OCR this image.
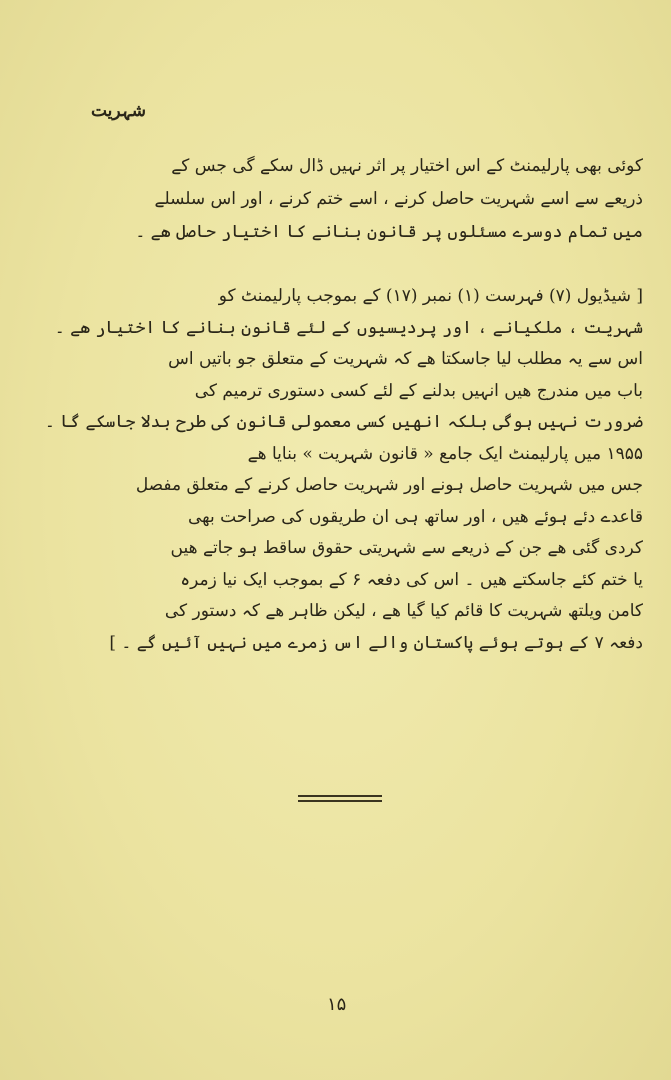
شہریت
کوئی بھی پارلیمنٹ کے اس اختیار پر اثر نہیں ڈال سکے گی جس کے
ذریعے سے اسے شہریت حاصل کرنے ، اسے ختم کرنے ، اور اس سلسلے
میں تمام دوسرے مسئلوں پر قانون بنانے کا اختیار حاصل ھے ۔
[ شیڈیول (۷) فہرست (۱) نمبر (۱۷) کے بموجب پارلیمنٹ کو
شہریت ، ملکیانے ، اور پردیسیوں کے لئے قانون بنانے کا اختیار ھے ۔
اس سے یہ مطلب لیا جاسکتا ھے کہ شہریت کے متعلق جو باتیں اس
باب میں مندرج ھیں انہیں بدلنے کے لئے کسی دستوری ترمیم کی
ضرورت نہیں ہوگی بلکہ انھیں کسی معمولی قانون کی طرح بدلا جاسکے گا ۔
۱۹۵۵ میں پارلیمنٹ ایک جامع « قانون شہریت » بنایا ھے
جس میں شہریت حاصل ہونے اور شہریت حاصل کرنے کے متعلق مفصل
قاعدے دئے ہوئے ھیں ، اور ساتھ ہی ان طریقوں کی صراحت بھی
کردی گئی ھے جن کے ذریعے سے شہریتی حقوق ساقط ہو جاتے ھیں
یا ختم کئے جاسکتے ھیں ۔ اس کی دفعہ ۶ کے بموجب ایک نیا زمرہ
کامن ویلتھ شہریت کا قائم کیا گیا ھے ، لیکن ظاہر ھے کہ دستور کی
دفعہ ۷ کے ہوتے ہوئے پاکستان والے اس زمرے میں نہیں آئیں گے ۔ ]
۱۵
